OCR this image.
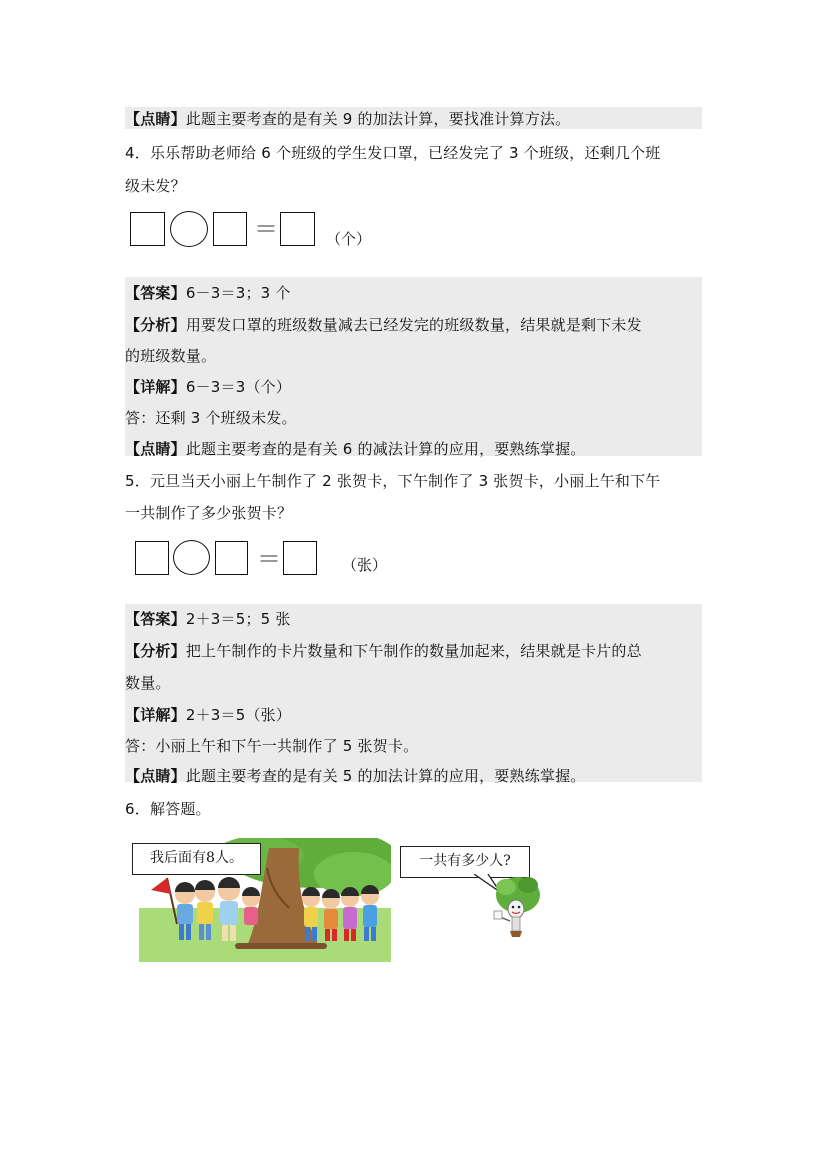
【点睛】此题主要考查的是有关 9 的加法计算，要找准计算方法。
4．乐乐帮助老师给 6 个班级的学生发口罩，已经发完了 3 个班级，还剩几个班
级未发？
＝	（个）
【答案】6－3＝3；3 个
【分析】用要发口罩的班级数量减去已经发完的班级数量，结果就是剩下未发
的班级数量。
【详解】6－3＝3（个）
答：还剩 3 个班级未发。
【点睛】此题主要考查的是有关 6 的减法计算的应用，要熟练掌握。
5．元旦当天小丽上午制作了 2 张贺卡，下午制作了 3 张贺卡，小丽上午和下午
一共制作了多少张贺卡？
＝	（张）
【答案】2＋3＝5；5 张
【分析】把上午制作的卡片数量和下午制作的数量加起来，结果就是卡片的总
数量。
【详解】2＋3＝5（张）
答：小丽上午和下午一共制作了 5 张贺卡。
【点睛】此题主要考查的是有关 5 的加法计算的应用，要熟练掌握。
6．解答题。
我后面有8人。	一共有多少人?
